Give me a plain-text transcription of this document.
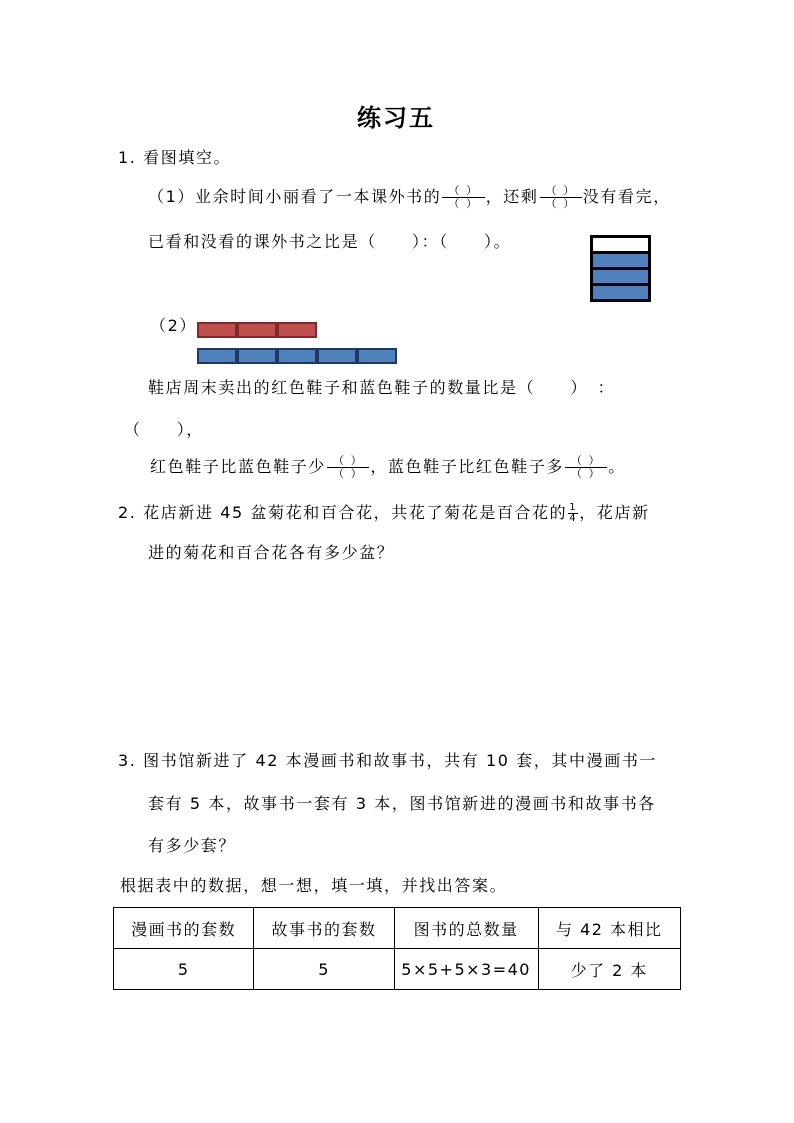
练习五
1. 看图填空。
（1）业余时间小丽看了一本课外书的 $\frac{( )}{( )}$ ，还剩 $\frac{( )}{( )}$ 没有看完，
已看和没看的课外书之比是（　　）：（　　）。
（2）
鞋店周末卖出的红色鞋子和蓝色鞋子的数量比是（　　）　：
（　　），
红色鞋子比蓝色鞋子少 $\frac{( )}{( )}$ ，蓝色鞋子比红色鞋子多 $\frac{( )}{( )}$ 。
2. 花店新进 45 盆菊花和百合花，共花了菊花是百合花的 $\frac{1}{4}$ ，花店新
进的菊花和百合花各有多少盆？
3. 图书馆新进了 42 本漫画书和故事书，共有 10 套，其中漫画书一
套有 5 本，故事书一套有 3 本，图书馆新进的漫画书和故事书各
有多少套？
根据表中的数据，想一想，填一填，并找出答案。
漫画书的套数	故事书的套数	图书的总数量	与 42 本相比
5	5	5×5+5×3=40	少了 2 本
